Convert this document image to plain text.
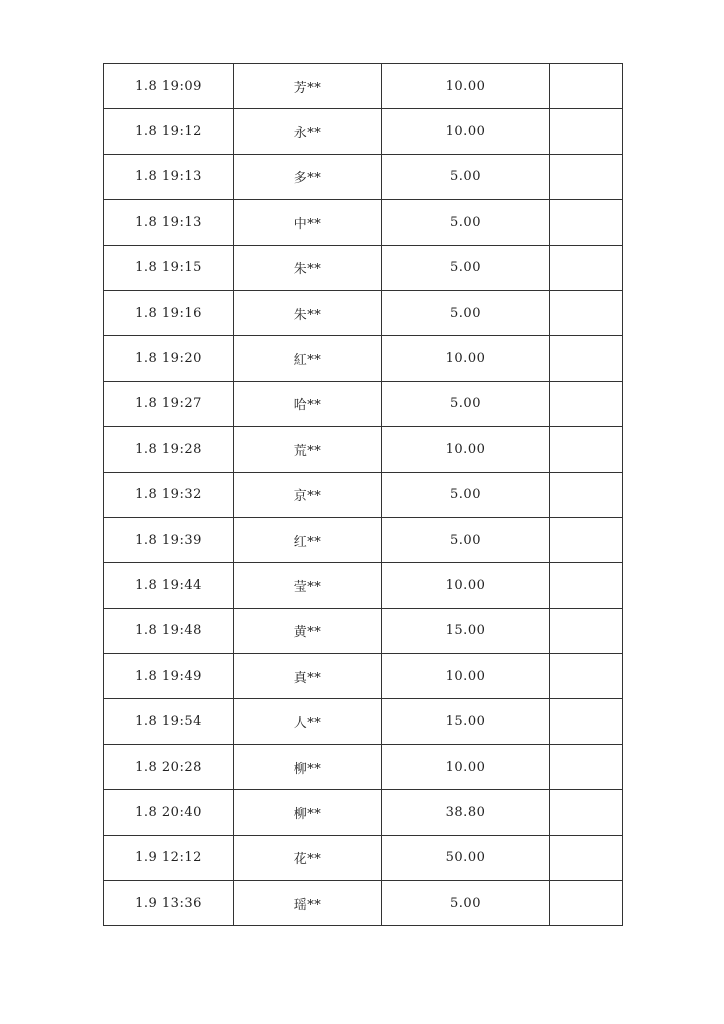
1.8 19:09	芳**	10.00	
1.8 19:12	永**	10.00	
1.8 19:13	多**	5.00	
1.8 19:13	中**	5.00	
1.8 19:15	朱**	5.00	
1.8 19:16	朱**	5.00	
1.8 19:20	紅**	10.00	
1.8 19:27	哈**	5.00	
1.8 19:28	荒**	10.00	
1.8 19:32	京**	5.00	
1.8 19:39	红**	5.00	
1.8 19:44	莹**	10.00	
1.8 19:48	黄**	15.00	
1.8 19:49	真**	10.00	
1.8 19:54	人**	15.00	
1.8 20:28	柳**	10.00	
1.8 20:40	柳**	38.80	
1.9 12:12	花**	50.00	
1.9 13:36	瑶**	5.00	
